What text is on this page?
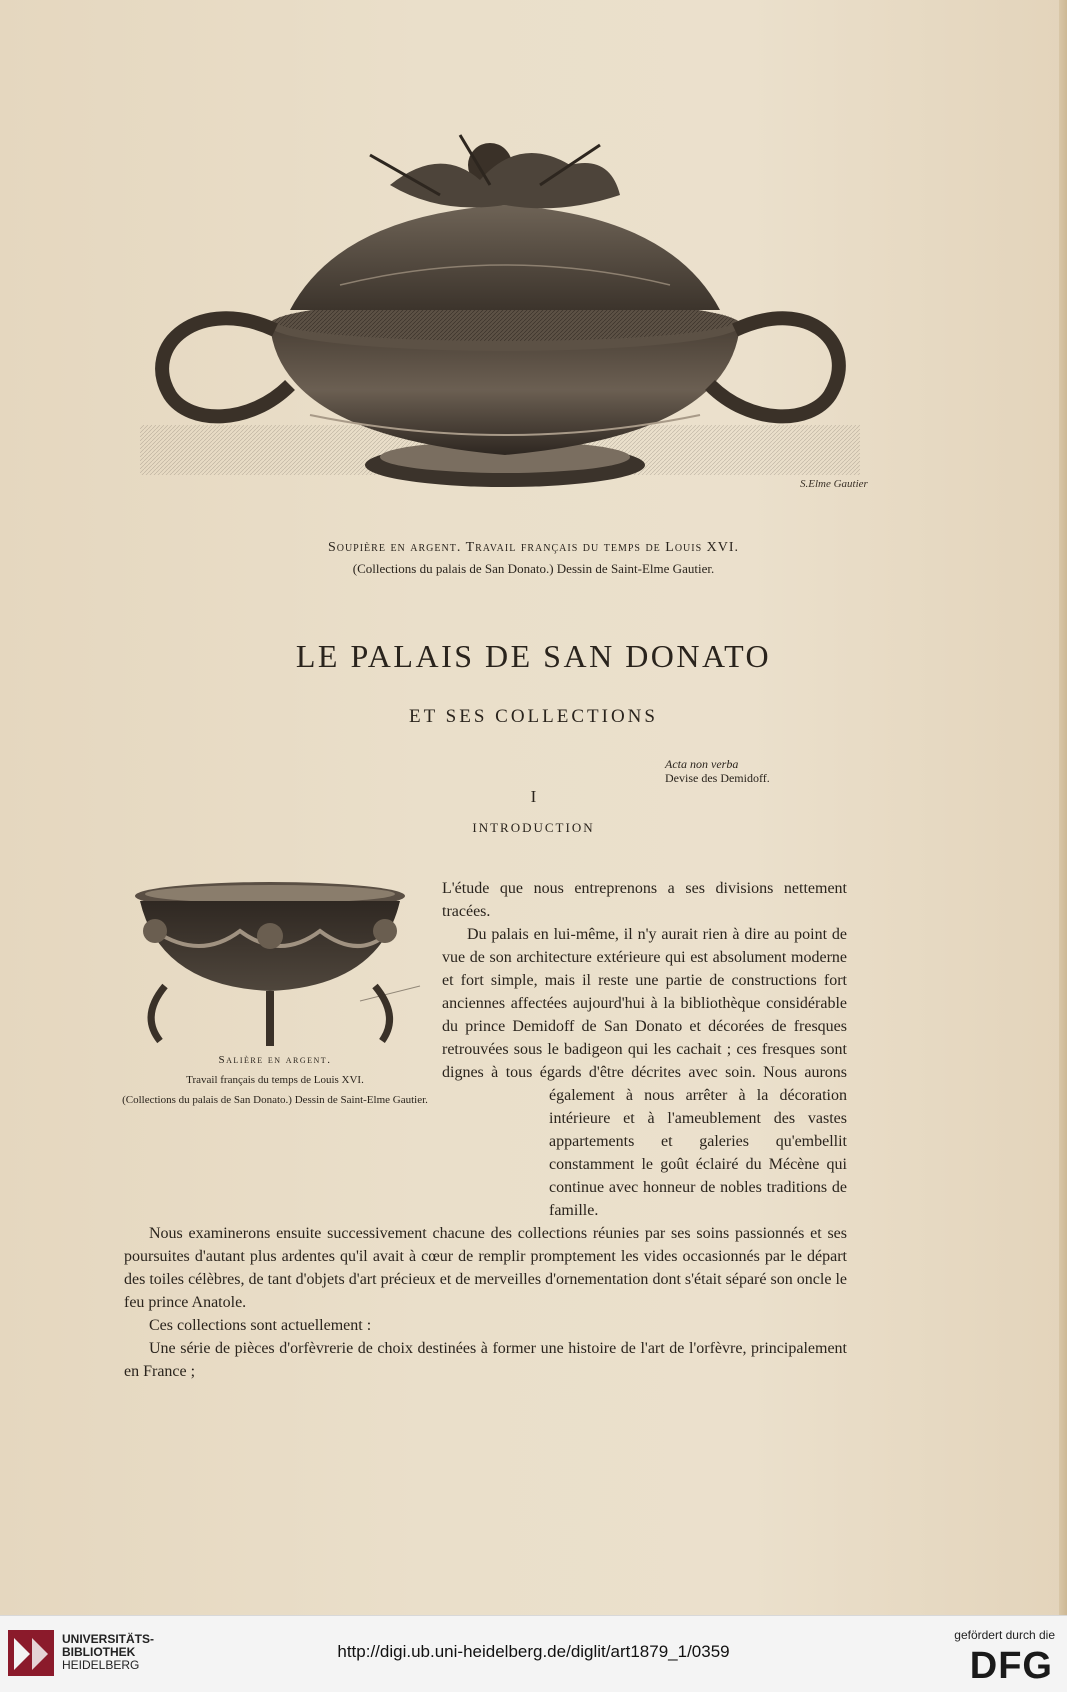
S.Elme Gautier
Soupière en argent. Travail français du temps de Louis XVI.
(Collections du palais de San Donato.) Dessin de Saint-Elme Gautier.
LE PALAIS DE SAN DONATO
ET SES COLLECTIONS
Acta non verba
Devise des Demidoff.
I
INTRODUCTION
Salière en argent.
Travail français du temps de Louis XVI.
(Collections du palais de San Donato.) Dessin de Saint-Elme Gautier.

L'étude que nous entreprenons a ses divisions nettement tracées.

Du palais en lui-même, il n'y aurait rien à dire au point de vue de son architecture extérieure qui est absolument moderne et fort simple, mais il reste une partie de constructions fort anciennes affectées aujourd'hui à la bibliothèque considérable du prince Demidoff de San Donato et décorées de fresques retrouvées sous le badigeon qui les cachait ; ces fresques sont dignes à tous égards d'être décrites avec soin. Nous aurons également à nous arrêter à la décoration intérieure et à l'ameublement des vastes appartements et galeries qu'embellit constamment le goût éclairé du Mécène qui continue avec honneur de nobles traditions de famille.

Nous examinerons ensuite successivement chacune des collections réunies par ses soins passionnés et ses poursuites d'autant plus ardentes qu'il avait à cœur de remplir promptement les vides occasionnés par le départ des toiles célèbres, de tant d'objets d'art précieux et de merveilles d'ornementation dont s'était séparé son oncle le feu prince Anatole.

Ces collections sont actuellement :

Une série de pièces d'orfèvrerie de choix destinées à former une histoire de l'art de l'orfèvre, principalement en France ;

UNIVERSITÄTS-
BIBLIOTHEK
HEIDELBERG
http://digi.ub.uni-heidelberg.de/diglit/art1879_1/0359
gefördert durch die
DFG
